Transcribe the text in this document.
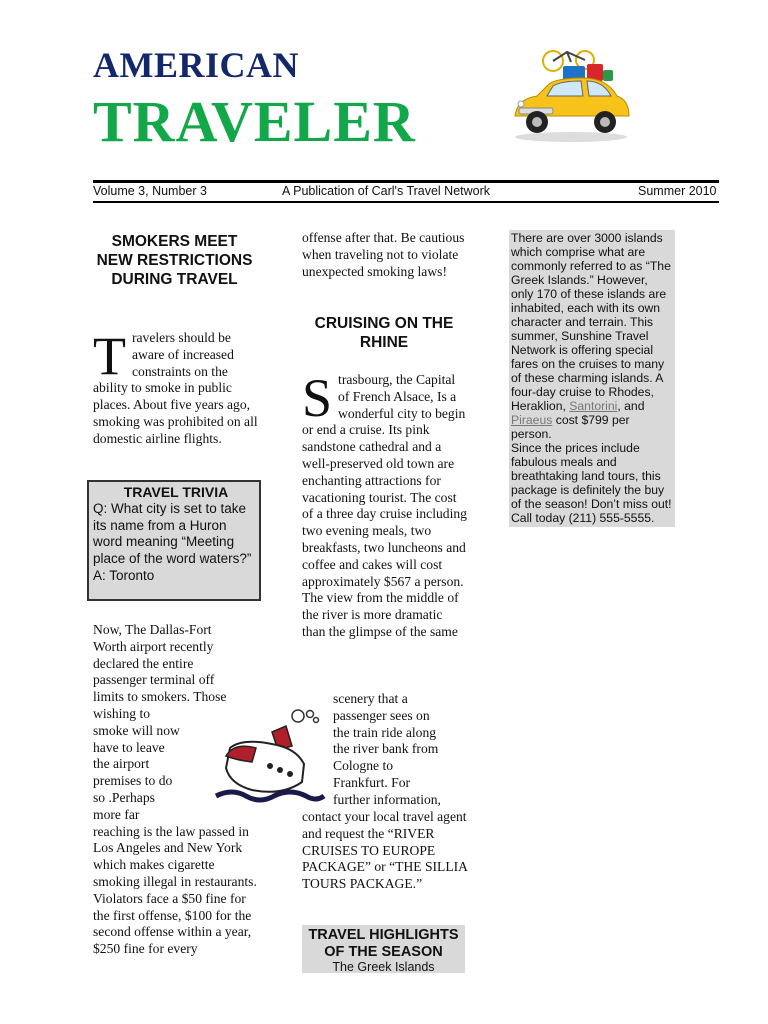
AMERICAN
TRAVELER
Volume 3, Number 3	A Publication of Carl's Travel Network	Summer 2010
SMOKERS MEET NEW RESTRICTIONS DURING TRAVEL
Travelers should be aware of increased constraints on the ability to smoke in public places. About five years ago, smoking was prohibited on all domestic airline flights.
TRAVEL TRIVIA
Q: What city is set to take its name from a Huron word meaning “Meeting place of the word waters?”
A: Toronto
Now, The Dallas-Fort
Worth airport recently
declared the entire
passenger terminal off
limits to smokers. Those
wishing to
smoke will now
have to leave
the airport
premises to do
so .Perhaps
more far
reaching is the law passed in Los Angeles and New York which makes cigarette smoking illegal in restaurants. Violators face a $50 fine for the first offense, $100 for the second offense within a year, $250 fine for every
offense after that. Be cautious when traveling not to violate unexpected smoking laws!
CRUISING ON THE RHINE
Strasbourg, the Capital of French Alsace, Is a wonderful city to begin or end a cruise. Its pink sandstone cathedral and a well-preserved old town are enchanting attractions for vacationing tourist. The cost of a three day cruise including two evening meals, two breakfasts, two luncheons and coffee and cakes will cost approximately $567 a person. The view from the middle of the river is more dramatic than the glimpse of the same
scenery that a
passenger sees on
the train ride along
the river bank from
Cologne to
Frankfurt. For
further information,
contact your local travel agent and request the “RIVER CRUISES TO EUROPE PACKAGE” or “THE SILLIA TOURS PACKAGE.”
TRAVEL HIGHLIGHTS OF THE SEASON
The Greek Islands
There are over 3000 islands which comprise what are commonly referred to as “The Greek Islands.” However, only 170 of these islands are inhabited, each with its own character and terrain. This summer, Sunshine Travel Network is offering special fares on the cruises to many of these charming islands. A four-day cruise to Rhodes, Heraklion, Santorini, and Piraeus cost $799 per person.
Since the prices include fabulous meals and breathtaking land tours, this package is definitely the buy of the season! Don’t miss out! Call today (211) 555-5555.
